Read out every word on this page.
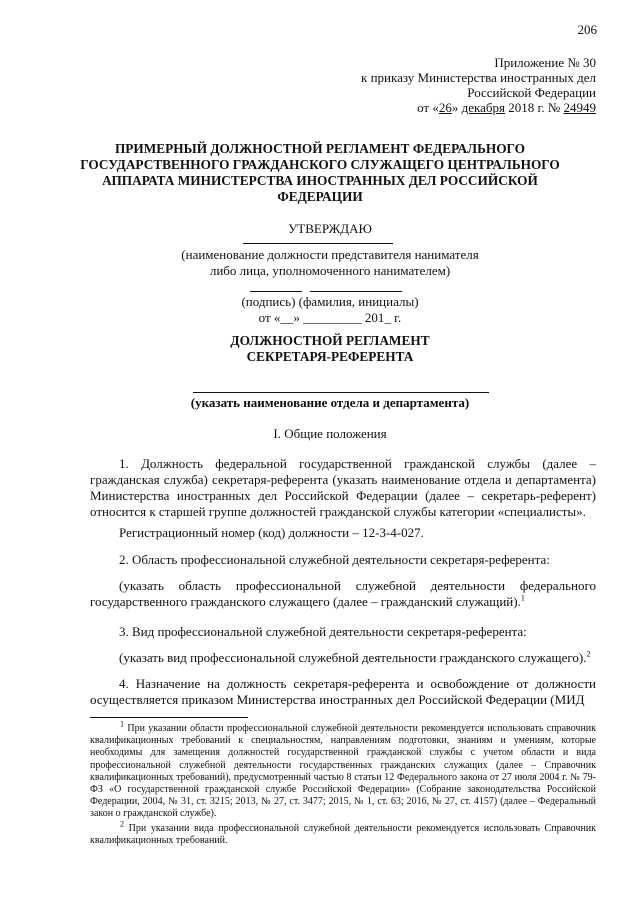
206
Приложение № 30
к приказу Министерства иностранных дел
Российской Федерации
от «26» декабря 2018 г. № 24949
ПРИМЕРНЫЙ ДОЛЖНОСТНОЙ РЕГЛАМЕНТ ФЕДЕРАЛЬНОГО ГОСУДАРСТВЕННОГО ГРАЖДАНСКОГО СЛУЖАЩЕГО ЦЕНТРАЛЬНОГО АППАРАТА МИНИСТЕРСТВА ИНОСТРАННЫХ ДЕЛ РОССИЙСКОЙ ФЕДЕРАЦИИ
УТВЕРЖДАЮ
(наименование должности представителя нанимателя либо лица, уполномоченного нанимателем)
(подпись) (фамилия, инициалы)
от «__» _________ 201_ г.
ДОЛЖНОСТНОЙ РЕГЛАМЕНТ
СЕКРЕТАРЯ-РЕФЕРЕНТА
(указать наименование отдела и департамента)
I. Общие положения
1. Должность федеральной государственной гражданской службы (далее – гражданская служба) секретаря-референта (указать наименование отдела и департамента) Министерства иностранных дел Российской Федерации (далее – секретарь-референт) относится к старшей группе должностей гражданской службы категории «специалисты».
Регистрационный номер (код) должности – 12-3-4-027.
2. Область профессиональной служебной деятельности секретаря-референта:
(указать область профессиональной служебной деятельности федерального государственного гражданского служащего (далее – гражданский служащий).$^1$
3. Вид профессиональной служебной деятельности секретаря-референта:
(указать вид профессиональной служебной деятельности гражданского служащего).$^2$
4. Назначение на должность секретаря-референта и освобождение от должности осуществляется приказом Министерства иностранных дел Российской Федерации (МИД
$^1$ При указании области профессиональной служебной деятельности рекомендуется использовать справочник квалификационных требований к специальностям, направлениям подготовки, знаниям и умениям, которые необходимы для замещения должностей государственной гражданской службы с учетом области и вида профессиональной служебной деятельности государственных гражданских служащих (далее – Справочник квалификационных требований), предусмотренный частью 8 статьи 12 Федерального закона от 27 июля 2004 г. № 79-ФЗ «О государственной гражданской службе Российской Федерации» (Собрание законодательства Российской Федерации, 2004, № 31, ст. 3215; 2013, № 27, ст. 3477; 2015, № 1, ст. 63; 2016, № 27, ст. 4157) (далее – Федеральный закон о гражданской службе).
$^2$ При указании вида профессиональной служебной деятельности рекомендуется использовать Справочник квалификационных требований.
